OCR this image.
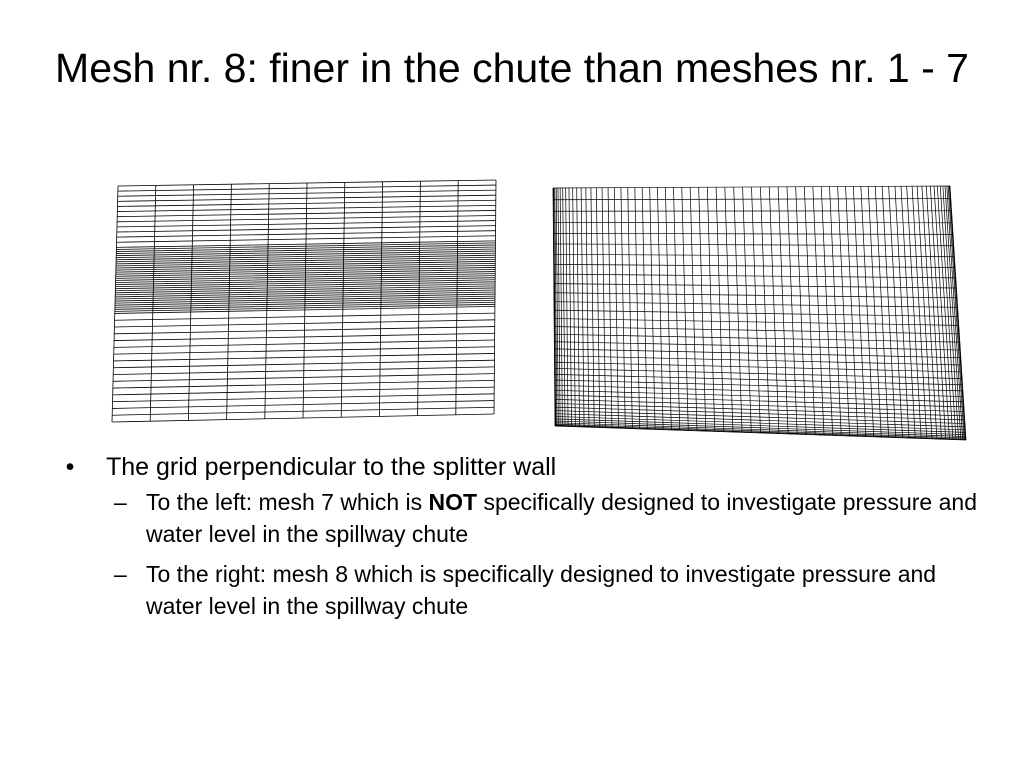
Mesh nr. 8: finer in the chute than meshes nr. 1 - 7
• The grid perpendicular to the splitter wall
– To the left: mesh 7 which is NOT specifically designed to investigate pressure and water level in the spillway chute
– To the right: mesh 8 which is specifically designed to investigate pressure and water level in the spillway chute
